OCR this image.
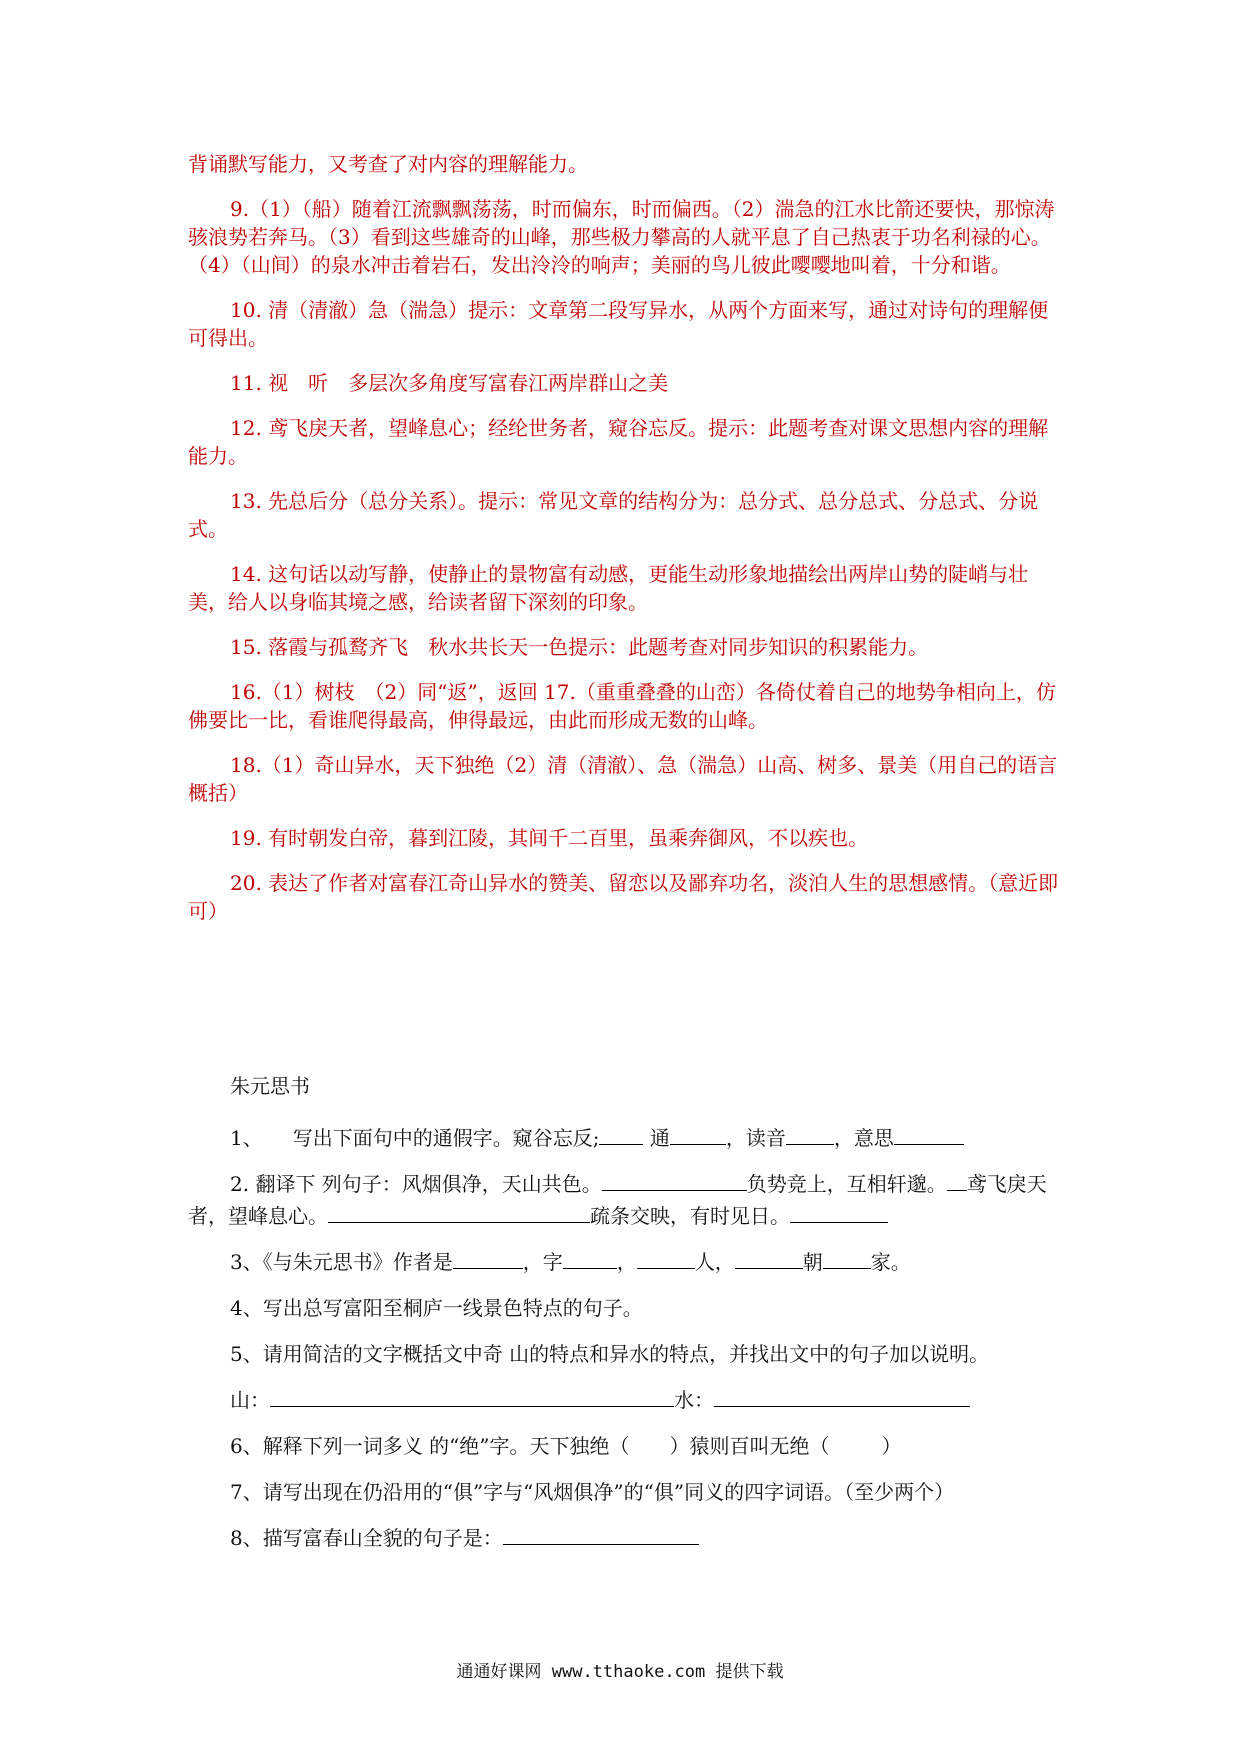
背诵默写能力，又考查了对内容的理解能力。
9.（1）（船）随着江流飘飘荡荡，时而偏东，时而偏西。（2）湍急的江水比箭还要快，那惊涛骇浪势若奔马。（3）看到这些雄奇的山峰，那些极力攀高的人就平息了自己热衷于功名利禄的心。（4）（山间）的泉水冲击着岩石，发出泠泠的响声；美丽的鸟儿彼此嘤嘤地叫着，十分和谐。
10. 清（清澈）急（湍急）提示：文章第二段写异水，从两个方面来写，通过对诗句的理解便可得出。
11. 视　听　多层次多角度写富春江两岸群山之美
12. 鸢飞戾天者，望峰息心；经纶世务者，窥谷忘反。提示：此题考查对课文思想内容的理解能力。
13. 先总后分（总分关系）。提示：常见文章的结构分为：总分式、总分总式、分总式、分说式。
14. 这句话以动写静，使静止的景物富有动感，更能生动形象地描绘出两岸山势的陡峭与壮美，给人以身临其境之感，给读者留下深刻的印象。
15. 落霞与孤鹜齐飞　秋水共长天一色提示：此题考查对同步知识的积累能力。
16.（1）树枝　（2）同“返”，返回 17.（重重叠叠的山峦）各倚仗着自己的地势争相向上，仿佛要比一比，看谁爬得最高，伸得最远，由此而形成无数的山峰。
18.（1）奇山异水，天下独绝（2）清（清澈）、急（湍急）山高、树多、景美（用自己的语言概括）
19. 有时朝发白帝，暮到江陵，其间千二百里，虽乘奔御风，不以疾也。
20. 表达了作者对富春江奇山异水的赞美、留恋以及鄙弃功名，淡泊人生的思想感情。（意近即可）
朱元思书
1、　　写出下面句中的通假字。窥谷忘反;	通	，读音 ，意思
2. 翻译下 列句子：风烟俱净，天山共色。	负势竞上，互相轩邈。 鸢飞戾天者，望峰息心。	疏条交映，有时见日。
3、《与朱元思书》作者是	，字	，	人，	朝 家。
4、写出总写富阳至桐庐一线景色特点的句子。
5、请用简洁的文字概括文中奇 山的特点和异水的特点，并找出文中的句子加以说明。
山：	水：
6、解释下列一词多义 的“绝”字。天下独绝（ ）猿则百叫无绝（	）
7、请写出现在仍沿用的“俱”字与“风烟俱净”的“俱”同义的四字词语。（至少两个）
8、描写富春山全貌的句子是：
通通好课网 www.tthaoke.com 提供下载
